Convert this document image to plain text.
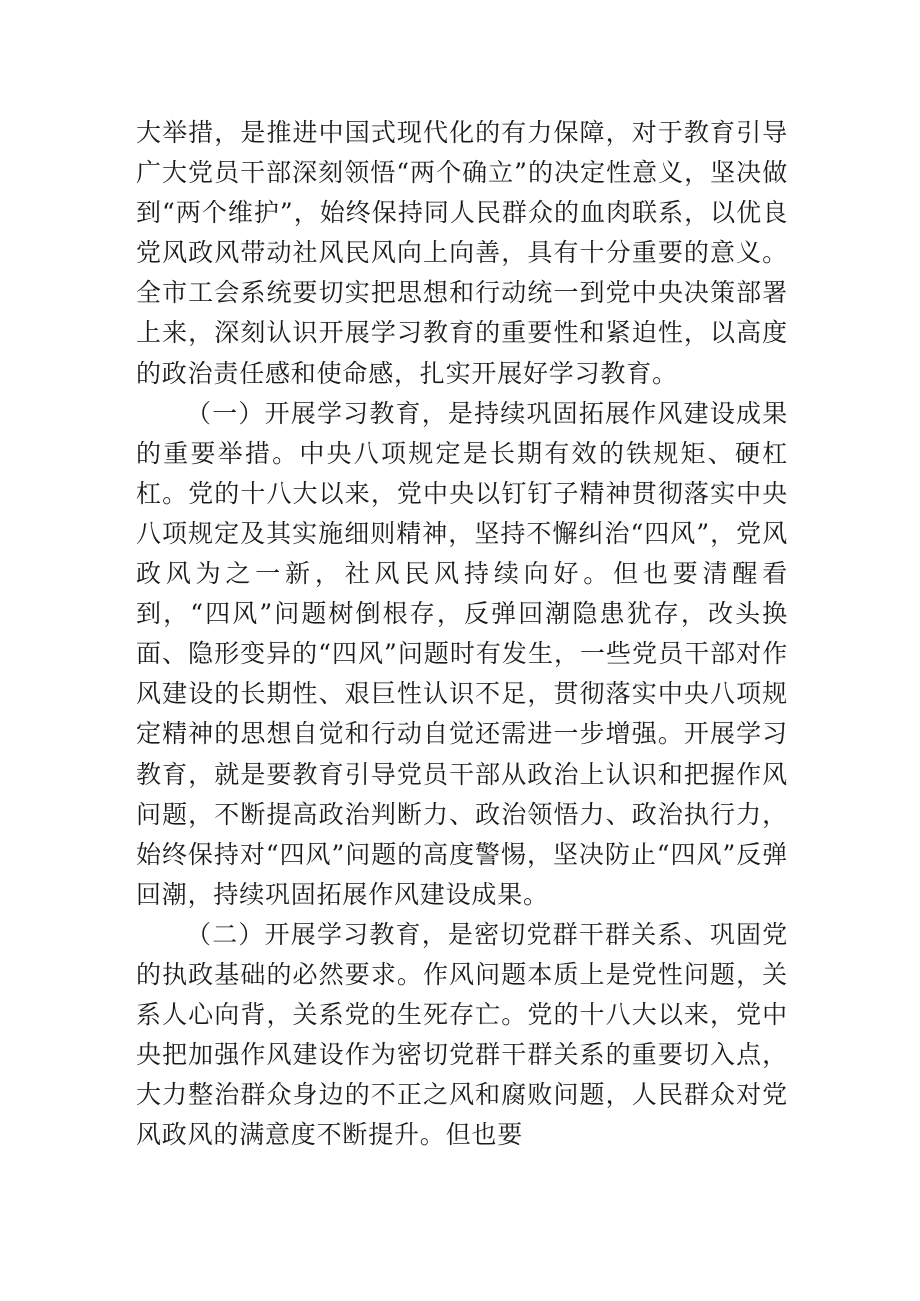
大举措，是推进中国式现代化的有力保障，对于教育引导广大党员干部深刻领悟“两个确立”的决定性意义，坚决做到“两个维护”，始终保持同人民群众的血肉联系，以优良党风政风带动社风民风向上向善，具有十分重要的意义。全市工会系统要切实把思想和行动统一到党中央决策部署上来，深刻认识开展学习教育的重要性和紧迫性，以高度的政治责任感和使命感，扎实开展好学习教育。

（一）开展学习教育，是持续巩固拓展作风建设成果的重要举措。中央八项规定是长期有效的铁规矩、硬杠杠。党的十八大以来，党中央以钉钉子精神贯彻落实中央八项规定及其实施细则精神，坚持不懈纠治“四风”，党风政风为之一新，社风民风持续向好。但也要清醒看到，“四风”问题树倒根存，反弹回潮隐患犹存，改头换面、隐形变异的“四风”问题时有发生，一些党员干部对作风建设的长期性、艰巨性认识不足，贯彻落实中央八项规定精神的思想自觉和行动自觉还需进一步增强。开展学习教育，就是要教育引导党员干部从政治上认识和把握作风问题，不断提高政治判断力、政治领悟力、政治执行力，始终保持对“四风”问题的高度警惕，坚决防止“四风”反弹回潮，持续巩固拓展作风建设成果。

（二）开展学习教育，是密切党群干群关系、巩固党的执政基础的必然要求。作风问题本质上是党性问题，关系人心向背，关系党的生死存亡。党的十八大以来，党中央把加强作风建设作为密切党群干群关系的重要切入点，大力整治群众身边的不正之风和腐败问题，人民群众对党风政风的满意度不断提升。但也要
